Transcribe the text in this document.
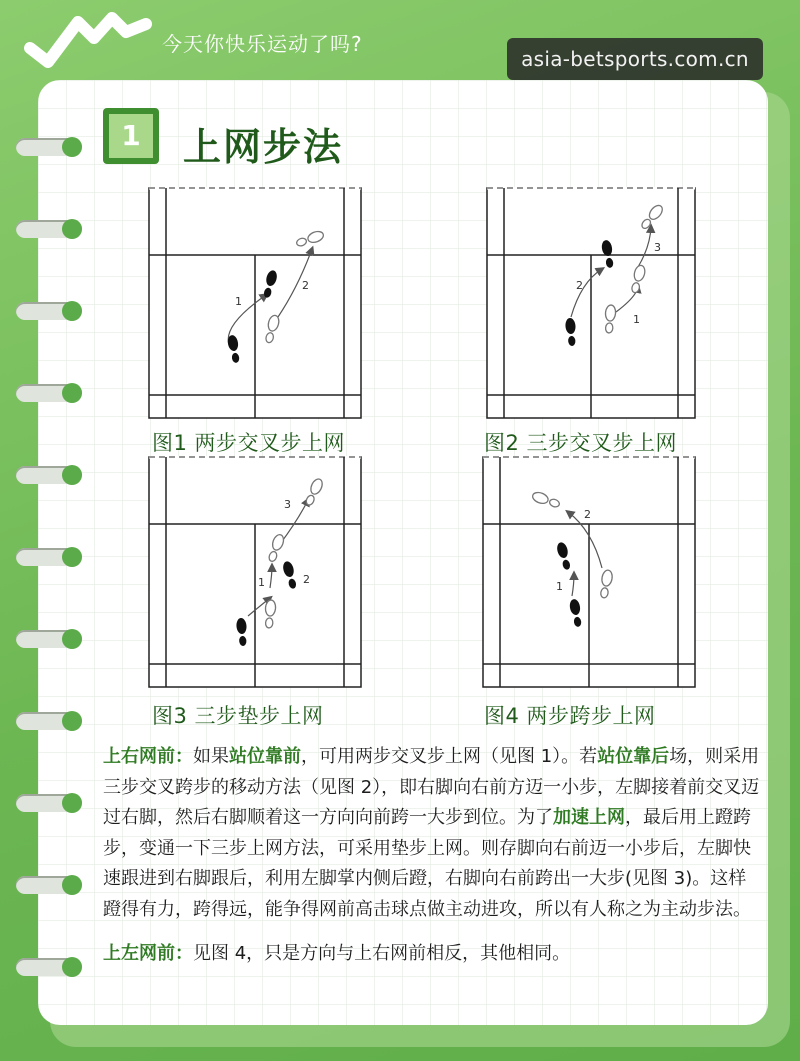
今天你快乐运动了吗?
asia-betsports.com.cn
1	上网步法
1
2
图1 两步交叉步上网
2
3
1
图2 三步交叉步上网
3
1	2
图3 三步垫步上网
2
1
图4 两步跨步上网

上右网前：如果站位靠前，可用两步交叉步上网（见图 1）。若站位靠后场，则采用三步交叉跨步的移动方法（见图 2），即右脚向右前方迈一小步，左脚接着前交叉迈过右脚，然后右脚顺着这一方向向前跨一大步到位。为了加速上网，最后用上蹬跨步，变通一下三步上网方法，可采用垫步上网。则存脚向右前迈一小步后，左脚快速跟进到右脚跟后，利用左脚掌内侧后蹬，右脚向右前跨出一大步(见图 3)。这样蹬得有力，跨得远，能争得网前高击球点做主动进攻，所以有人称之为主动步法。

上左网前：见图 4，只是方向与上右网前相反，其他相同。
